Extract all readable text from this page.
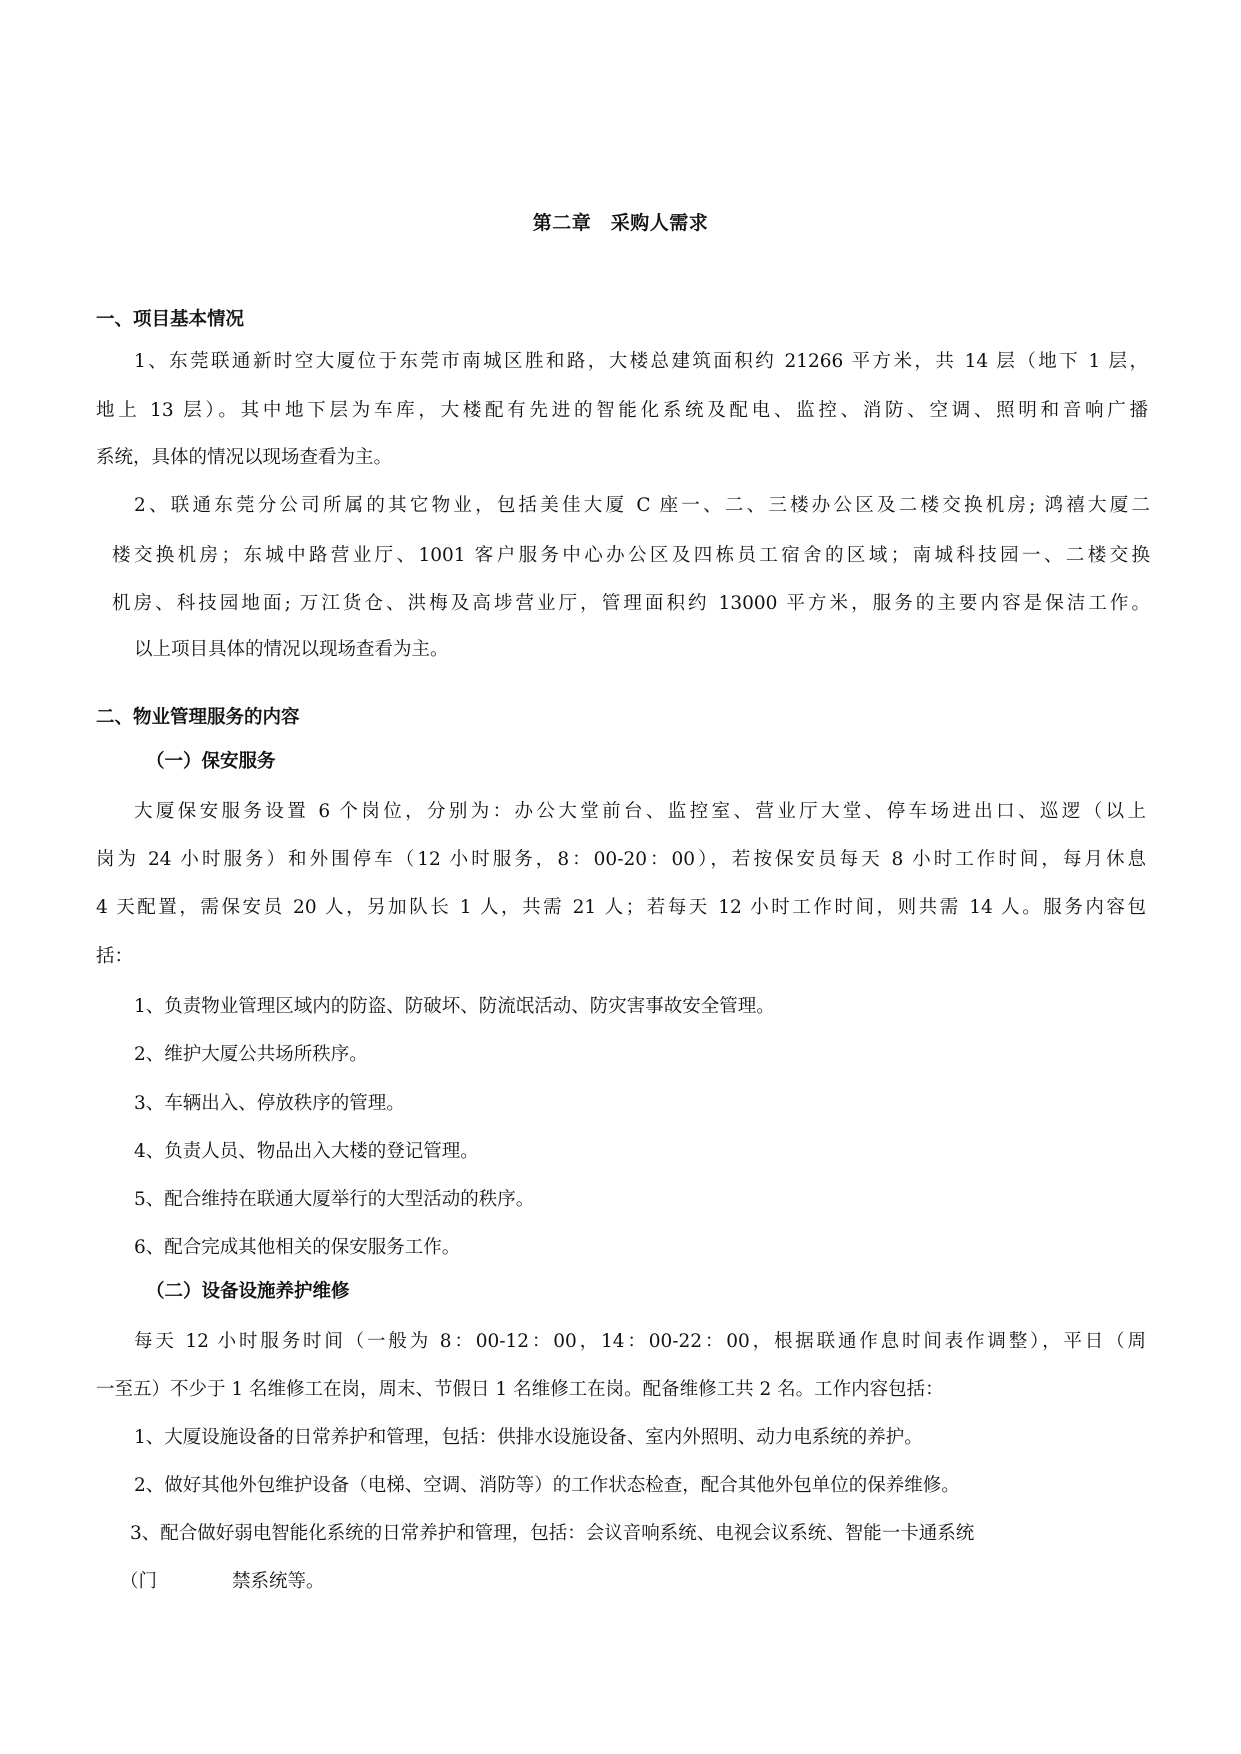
第二章　采购人需求
一、项目基本情况
1、东莞联通新时空大厦位于东莞市南城区胜和路，大楼总建筑面积约 21266 平方米，共 14 层（地下 1 层，
地上 13 层）。其中地下层为车库，大楼配有先进的智能化系统及配电、监控、消防、空调、照明和音响广播
系统，具体的情况以现场查看为主。
2、联通东莞分公司所属的其它物业，包括美佳大厦 C 座一、二、三楼办公区及二楼交换机房; 鸿禧大厦二
楼交换机房；东城中路营业厅、1001 客户服务中心办公区及四栋员工宿舍的区域；南城科技园一、二楼交换
机房、科技园地面; 万江货仓、洪梅及高埗营业厅，管理面积约 13000 平方米，服务的主要内容是保洁工作。
以上项目具体的情况以现场查看为主。
二、物业管理服务的内容
（一）保安服务
大厦保安服务设置 6 个岗位，分别为：办公大堂前台、监控室、营业厅大堂、停车场进出口、巡逻（以上
岗为 24 小时服务）和外围停车（12 小时服务，8：00-20：00），若按保安员每天 8 小时工作时间，每月休息
4 天配置，需保安员 20 人，另加队长 1 人，共需 21 人；若每天 12 小时工作时间，则共需 14 人。服务内容包
括：
1、负责物业管理区域内的防盗、防破坏、防流氓活动、防灾害事故安全管理。
2、维护大厦公共场所秩序。
3、车辆出入、停放秩序的管理。
4、负责人员、物品出入大楼的登记管理。
5、配合维持在联通大厦举行的大型活动的秩序。
6、配合完成其他相关的保安服务工作。
（二）设备设施养护维修
每天 12 小时服务时间（一般为 8：00-12：00，14：00-22：00，根据联通作息时间表作调整），平日（周
一至五）不少于 1 名维修工在岗，周末、节假日 1 名维修工在岗。配备维修工共 2 名。工作内容包括：
1、大厦设施设备的日常养护和管理，包括：供排水设施设备、室内外照明、动力电系统的养护。
2、做好其他外包维护设备（电梯、空调、消防等）的工作状态检查，配合其他外包单位的保养维修。
3、配合做好弱电智能化系统的日常养护和管理，包括：会议音响系统、电视会议系统、智能一卡通系统
（门	禁系统等。
